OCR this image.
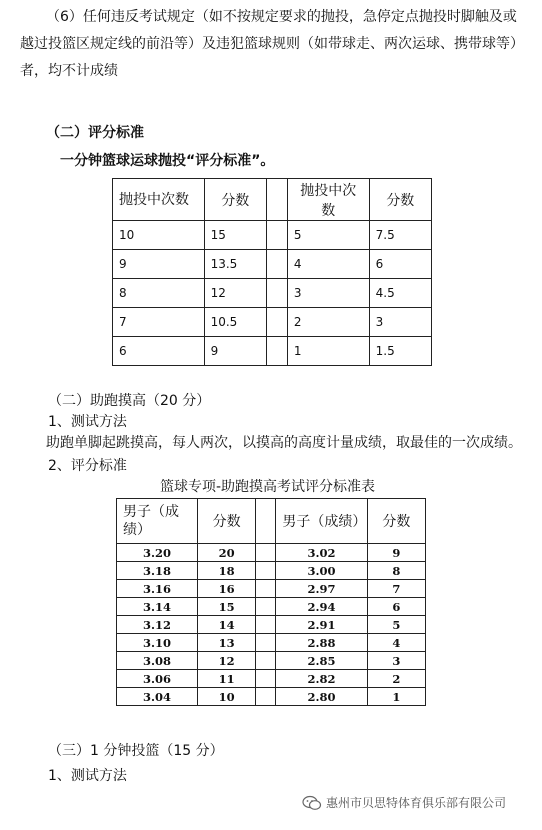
（6）任何违反考试规定（如不按规定要求的抛投，急停定点抛投时脚触及或
越过投篮区规定线的前沿等）及违犯篮球规则（如带球走、两次运球、携带球等）
者，均不计成绩
（二）评分标准
一分钟篮球运球抛投“评分标准”。
抛投中次数	分数		抛投中次数	分数
10	15		5	7.5
9	13.5		4	6
8	12		3	4.5
7	10.5		2	3
6	9		1	1.5
（二）助跑摸高（20 分）
1、测试方法
助跑单脚起跳摸高，每人两次，以摸高的高度计量成绩，取最佳的一次成绩。
2、评分标准
篮球专项-助跑摸高考试评分标准表
男子（成绩）	分数		男子（成绩）	分数
3.20	20		3.02	9
3.18	18		3.00	8
3.16	16		2.97	7
3.14	15		2.94	6
3.12	14		2.91	5
3.10	13		2.88	4
3.08	12		2.85	3
3.06	11		2.82	2
3.04	10		2.80	1
（三）1 分钟投篮（15 分）
1、测试方法
惠州市贝思特体育俱乐部有限公司
